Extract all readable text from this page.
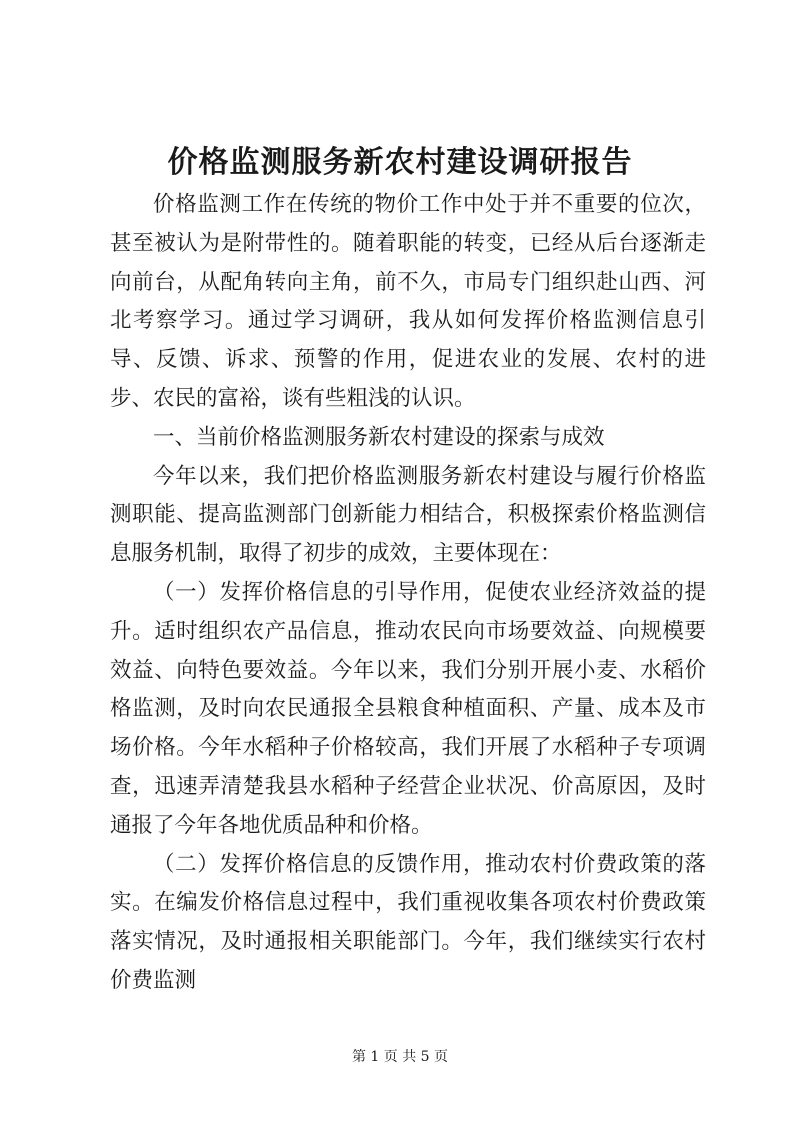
价格监测服务新农村建设调研报告

价格监测工作在传统的物价工作中处于并不重要的位次，甚至被认为是附带性的。随着职能的转变，已经从后台逐渐走向前台，从配角转向主角，前不久，市局专门组织赴山西、河北考察学习。通过学习调研，我从如何发挥价格监测信息引导、反馈、诉求、预警的作用，促进农业的发展、农村的进步、农民的富裕，谈有些粗浅的认识。

一、当前价格监测服务新农村建设的探索与成效

今年以来，我们把价格监测服务新农村建设与履行价格监测职能、提高监测部门创新能力相结合，积极探索价格监测信息服务机制，取得了初步的成效，主要体现在：

（一）发挥价格信息的引导作用，促使农业经济效益的提升。适时组织农产品信息，推动农民向市场要效益、向规模要效益、向特色要效益。今年以来，我们分别开展小麦、水稻价格监测，及时向农民通报全县粮食种植面积、产量、成本及市场价格。今年水稻种子价格较高，我们开展了水稻种子专项调查，迅速弄清楚我县水稻种子经营企业状况、价高原因，及时通报了今年各地优质品种和价格。

（二）发挥价格信息的反馈作用，推动农村价费政策的落实。在编发价格信息过程中，我们重视收集各项农村价费政策落实情况，及时通报相关职能部门。今年，我们继续实行农村价费监测

第 1 页 共 5 页
